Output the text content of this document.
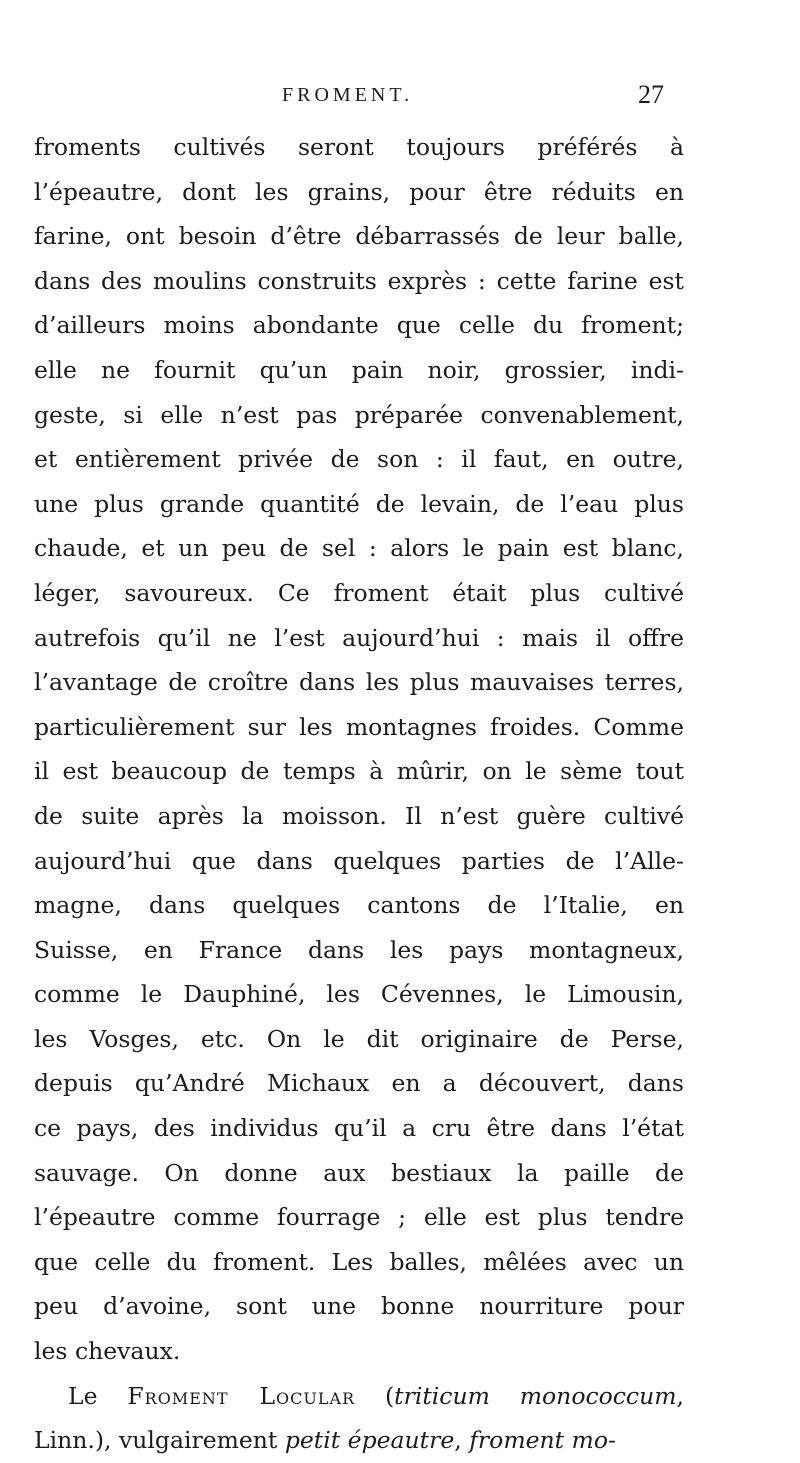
FROMENT.	27
froments cultivés seront toujours préférés à
l’épeautre, dont les grains, pour être réduits en
farine, ont besoin d’être débarrassés de leur balle,
dans des moulins construits exprès : cette farine est
d’ailleurs moins abondante que celle du froment;
elle ne fournit qu’un pain noir, grossier, indi-
geste, si elle n’est pas préparée convenablement,
et entièrement privée de son : il faut, en outre,
une plus grande quantité de levain, de l’eau plus
chaude, et un peu de sel : alors le pain est blanc,
léger, savoureux. Ce froment était plus cultivé
autrefois qu’il ne l’est aujourd’hui : mais il offre
l’avantage de croître dans les plus mauvaises terres,
particulièrement sur les montagnes froides. Comme
il est beaucoup de temps à mûrir, on le sème tout
de suite après la moisson. Il n’est guère cultivé
aujourd’hui que dans quelques parties de l’Alle-
magne, dans quelques cantons de l’Italie, en
Suisse, en France dans les pays montagneux,
comme le Dauphiné, les Cévennes, le Limousin,
les Vosges, etc. On le dit originaire de Perse,
depuis qu’André Michaux en a découvert, dans
ce pays, des individus qu’il a cru être dans l’état
sauvage. On donne aux bestiaux la paille de
l’épeautre comme fourrage ; elle est plus tendre
que celle du froment. Les balles, mêlées avec un
peu d’avoine, sont une bonne nourriture pour
les chevaux.
Le Froment Locular (triticum monococcum,
Linn.), vulgairement petit épeautre, froment mo-
